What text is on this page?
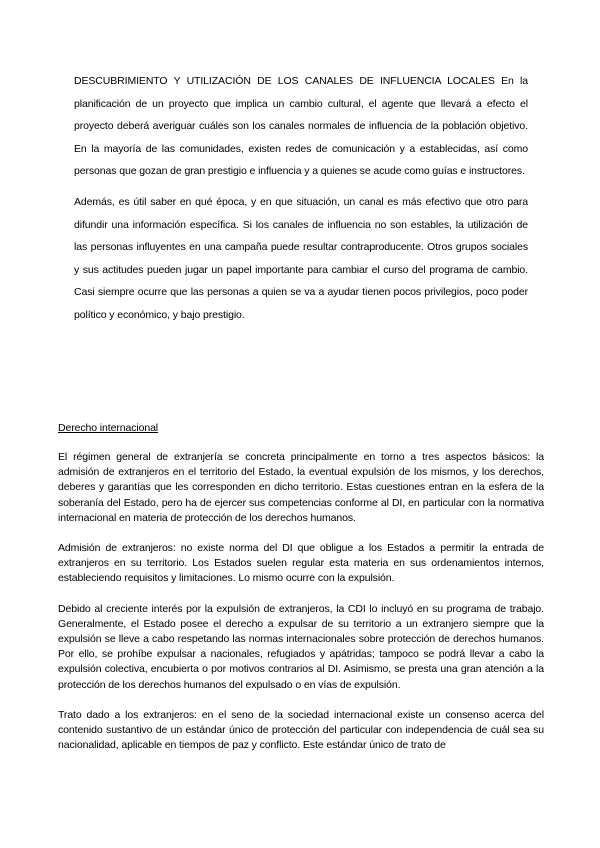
DESCUBRIMIENTO Y UTILIZACIÓN DE LOS CANALES DE INFLUENCIA LOCALES En la planificación de un proyecto que implica un cambio cultural, el agente que llevará a efecto el proyecto deberá averiguar cuáles son los canales normales de influencia de la población objetivo. En la mayoría de las comunidades, existen redes de comunicación y a establecidas, así como personas que gozan de gran prestigio e influencia y a quienes se acude como guías e instructores.

Además, es útil saber en qué época, y en que situación, un canal es más efectivo que otro para difundir una información específica. Si los canales de influencia no son estables, la utilización de las personas influyentes en una campaña puede resultar contraproducente. Otros grupos sociales y sus actitudes pueden jugar un papel importante para cambiar el curso del programa de cambio. Casi siempre ocurre que las personas a quien se va a ayudar tienen pocos privilegios, poco poder político y económico, y bajo prestigio.

Derecho internacional

El régimen general de extranjería se concreta principalmente en torno a tres aspectos básicos: la admisión de extranjeros en el territorio del Estado, la eventual expulsión de los mismos, y los derechos, deberes y garantías que les corresponden en dicho territorio. Estas cuestiones entran en la esfera de la soberanía del Estado, pero ha de ejercer sus competencias conforme al DI, en particular con la normativa internacional en materia de protección de los derechos humanos.

Admisión de extranjeros: no existe norma del DI que obligue a los Estados a permitir la entrada de extranjeros en su territorio. Los Estados suelen regular esta materia en sus ordenamientos internos, estableciendo requisitos y limitaciones. Lo mismo ocurre con la expulsión.

Debido al creciente interés por la expulsión de extranjeros, la CDI lo incluyó en su programa de trabajo. Generalmente, el Estado posee el derecho a expulsar de su territorio a un extranjero siempre que la expulsión se lleve a cabo respetando las normas internacionales sobre protección de derechos humanos. Por ello, se prohíbe expulsar a nacionales, refugiados y apátridas; tampoco se podrá llevar a cabo la expulsión colectiva, encubierta o por motivos contrarios al DI. Asimismo, se presta una gran atención a la protección de los derechos humanos del expulsado o en vías de expulsión.

Trato dado a los extranjeros: en el seno de la sociedad internacional existe un consenso acerca del contenido sustantivo de un estándar único de protección del particular con independencia de cuál sea su nacionalidad, aplicable en tiempos de paz y conflicto. Este estándar único de trato de
